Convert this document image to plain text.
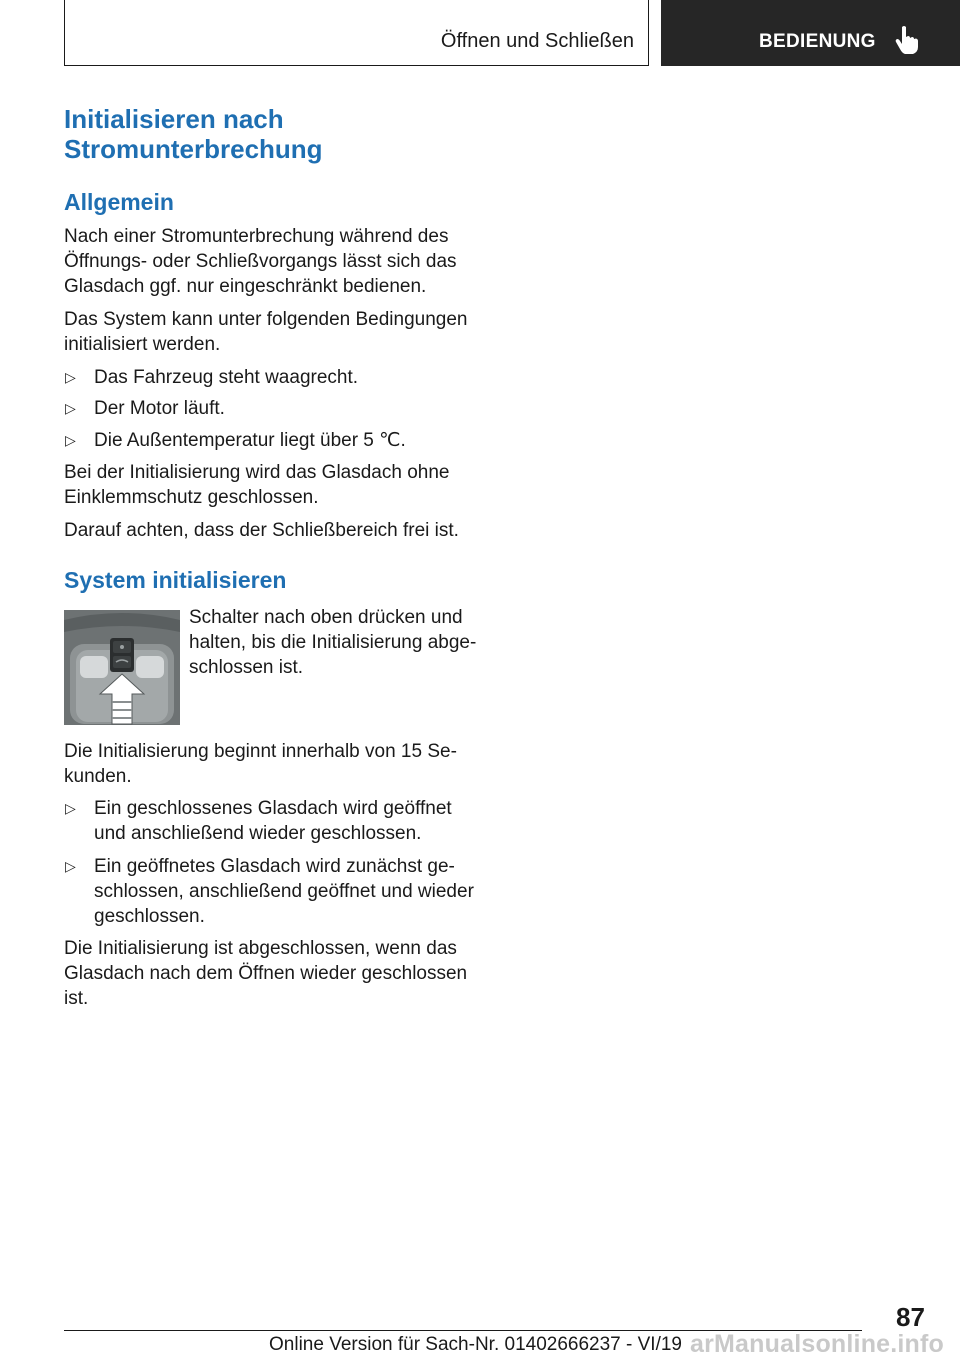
Öffnen und Schließen	BEDIENUNG
Initialisieren nach
Stromunterbrechung
Allgemein

Nach einer Stromunterbrechung während des

Öffnungs- oder Schließvorgangs lässt sich das

Glasdach ggf. nur eingeschränkt bedienen.

Das System kann unter folgenden Bedingungen

initialisiert werden.

▷ Das Fahrzeug steht waagrecht.
▷ Der Motor läuft.
▷ Die Außentemperatur liegt über 5 ℃.

Bei der Initialisierung wird das Glasdach ohne

Einklemmschutz geschlossen.

Darauf achten, dass der Schließbereich frei ist.

System initialisieren

Schalter nach oben drücken und

halten, bis die Initialisierung abge-

schlossen ist.

Die Initialisierung beginnt innerhalb von 15 Se-

kunden.

▷ Ein geschlossenes Glasdach wird geöffnet
und anschließend wieder geschlossen.
▷ Ein geöffnetes Glasdach wird zunächst ge-
schlossen, anschließend geöffnet und wieder
geschlossen.

Die Initialisierung ist abgeschlossen, wenn das

Glasdach nach dem Öffnen wieder geschlossen

ist.

87
Online Version für Sach-Nr. 01402666237 - VI/19 arManualsonline.info
